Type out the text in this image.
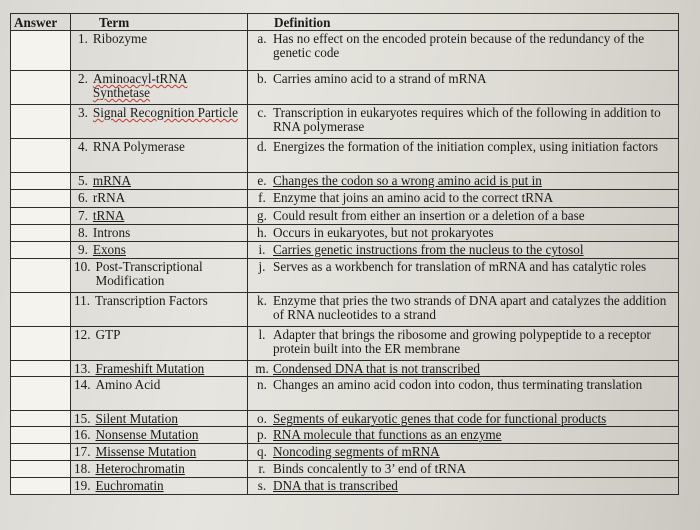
Answer	Term	Definition

	1. Ribozyme	a. Has no effect on the encoded protein because of the redundancy of the genetic code

	2. Aminoacyl-tRNA Synthetase	b. Carries amino acid to a strand of mRNA

	3. Signal Recognition Particle	c. Transcription in eukaryotes requires which of the following in addition to RNA polymerase

	4. RNA Polymerase	d. Energizes the formation of the initiation complex, using initiation factors

	5. mRNA	e. Changes the codon so a wrong amino acid is put in

	6. rRNA	f. Enzyme that joins an amino acid to the correct tRNA

	7. tRNA	g. Could result from either an insertion or a deletion of a base

	8. Introns	h. Occurs in eukaryotes, but not prokaryotes

	9. Exons	i. Carries genetic instructions from the nucleus to the cytosol

	10. Post-Transcriptional Modification	j. Serves as a workbench for translation of mRNA and has catalytic roles

	11. Transcription Factors	k. Enzyme that pries the two strands of DNA apart and catalyzes the addition of RNA nucleotides to a strand

	12. GTP	l. Adapter that brings the ribosome and growing polypeptide to a receptor protein built into the ER membrane

	13. Frameshift Mutation	m. Condensed DNA that is not transcribed

	14. Amino Acid	n. Changes an amino acid codon into codon, thus terminating translation

	15. Silent Mutation	o. Segments of eukaryotic genes that code for functional products

	16. Nonsense Mutation	p. RNA molecule that functions as an enzyme

	17. Missense Mutation	q. Noncoding segments of mRNA

	18. Heterochromatin	r. Binds concalently to 3’ end of tRNA

	19. Euchromatin	s. DNA that is transcribed
